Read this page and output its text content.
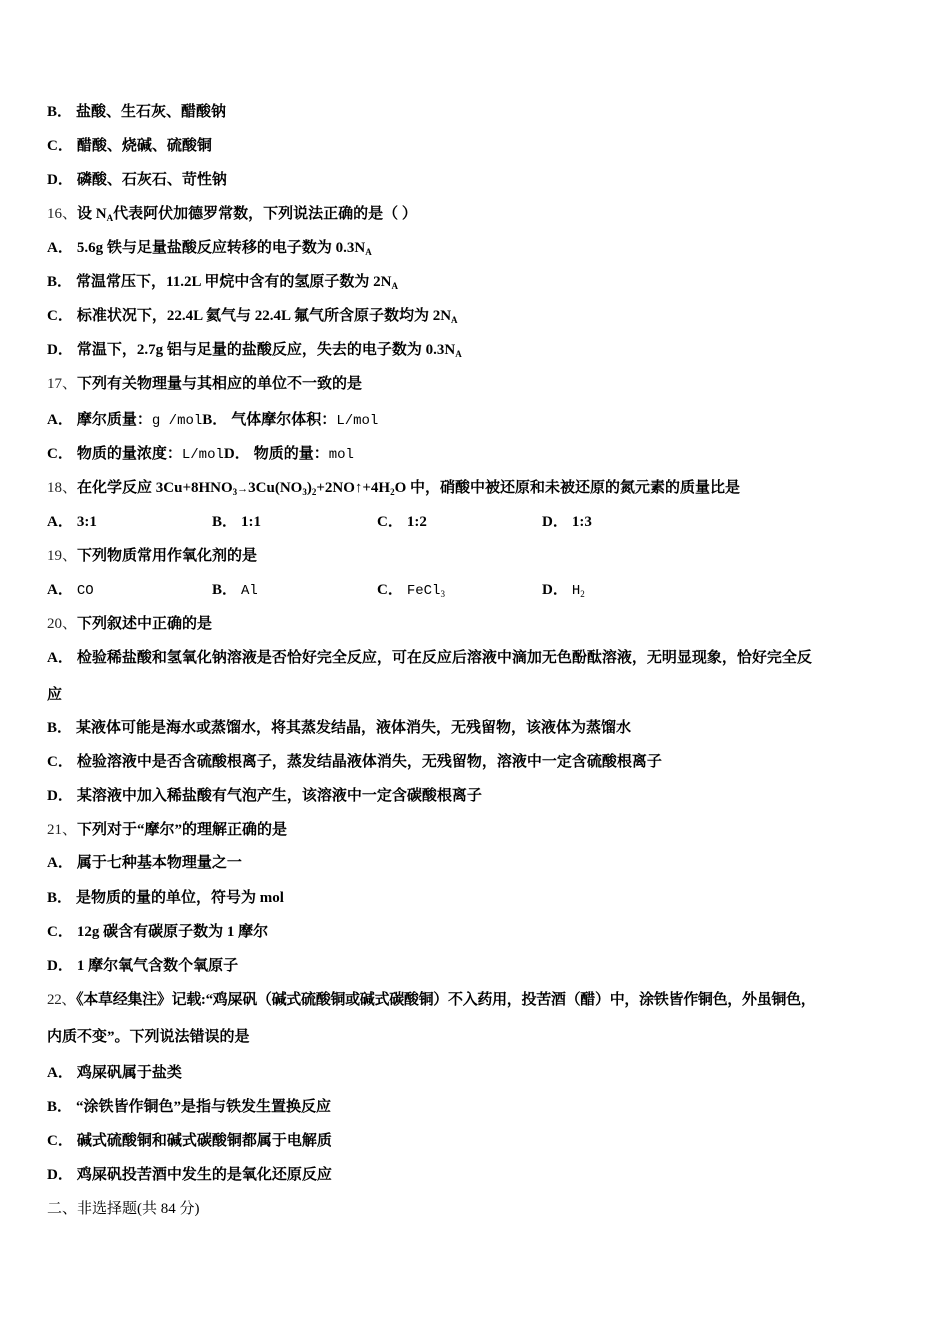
B． 盐酸、生石灰、醋酸钠
C． 醋酸、烧碱、硫酸铜
D． 磷酸、石灰石、苛性钠
16、设 $N_A$代表阿伏加德罗常数，下列说法正确的是（ ）
A． 5.6g 铁与足量盐酸反应转移的电子数为 $0.3N_A$
B． 常温常压下，11.2L 甲烷中含有的氢原子数为 $2N_A$
C． 标准状况下，22.4L 氦气与 22.4L 氟气所含原子数均为 $2N_A$
D． 常温下，2.7g 铝与足量的盐酸反应，失去的电子数为 $0.3N_A$
17、下列有关物理量与其相应的单位不一致的是
A． 摩尔质量：g /molB． 气体摩尔体积：L/mol
C． 物质的量浓度：L/molD． 物质的量：mol
18、在化学反应 $3Cu+8HNO_3\to 3Cu(NO_3)_2+2NO↑+4H_2O$ 中，硝酸中被还原和未被还原的氮元素的质量比是
A． 3:1	B． 1:1	C． 1:2	D． 1:3
19、下列物质常用作氧化剂的是
A． CO	B． Al	C． FeCl$_3$	D． $H_2$
20、下列叙述中正确的是
A． 检验稀盐酸和氢氧化钠溶液是否恰好完全反应，可在反应后溶液中滴加无色酚酞溶液，无明显现象，恰好完全反
应
B． 某液体可能是海水或蒸馏水，将其蒸发结晶，液体消失，无残留物，该液体为蒸馏水
C． 检验溶液中是否含硫酸根离子，蒸发结晶液体消失，无残留物，溶液中一定含硫酸根离子
D． 某溶液中加入稀盐酸有气泡产生，该溶液中一定含碳酸根离子
21、下列对于“摩尔”的理解正确的是
A． 属于七种基本物理量之一
B． 是物质的量的单位，符号为 mol
C． 12g 碳含有碳原子数为 1 摩尔
D． 1 摩尔氧气含数个氧原子
22、《本草经集注》记载:“鸡屎矾（碱式硫酸铜或碱式碳酸铜）不入药用，投苦酒（醋）中，涂铁皆作铜色，外虽铜色，
内质不变”。下列说法错误的是
A． 鸡屎矾属于盐类
B． “涂铁皆作铜色”是指与铁发生置换反应
C． 碱式硫酸铜和碱式碳酸铜都属于电解质
D． 鸡屎矾投苦酒中发生的是氧化还原反应
二、非选择题(共 84 分)
